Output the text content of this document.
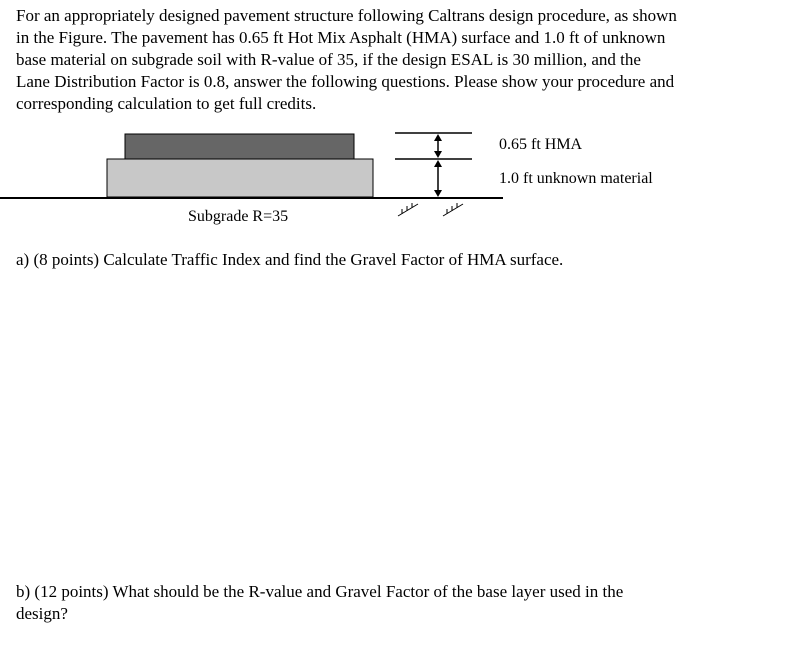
For an appropriately designed pavement structure following Caltrans design procedure, as shown
in the Figure. The pavement has 0.65 ft Hot Mix Asphalt (HMA) surface and 1.0 ft of unknown
base material on subgrade soil with R-value of 35, if the design ESAL is 30 million, and the
Lane Distribution Factor is 0.8, answer the following questions. Please show your procedure and
corresponding calculation to get full credits.
0.65 ft HMA
1.0 ft unknown material
Subgrade R=35
a) (8 points) Calculate Traffic Index and find the Gravel Factor of HMA surface.
b) (12 points) What should be the R-value and Gravel Factor of the base layer used in the
design?
